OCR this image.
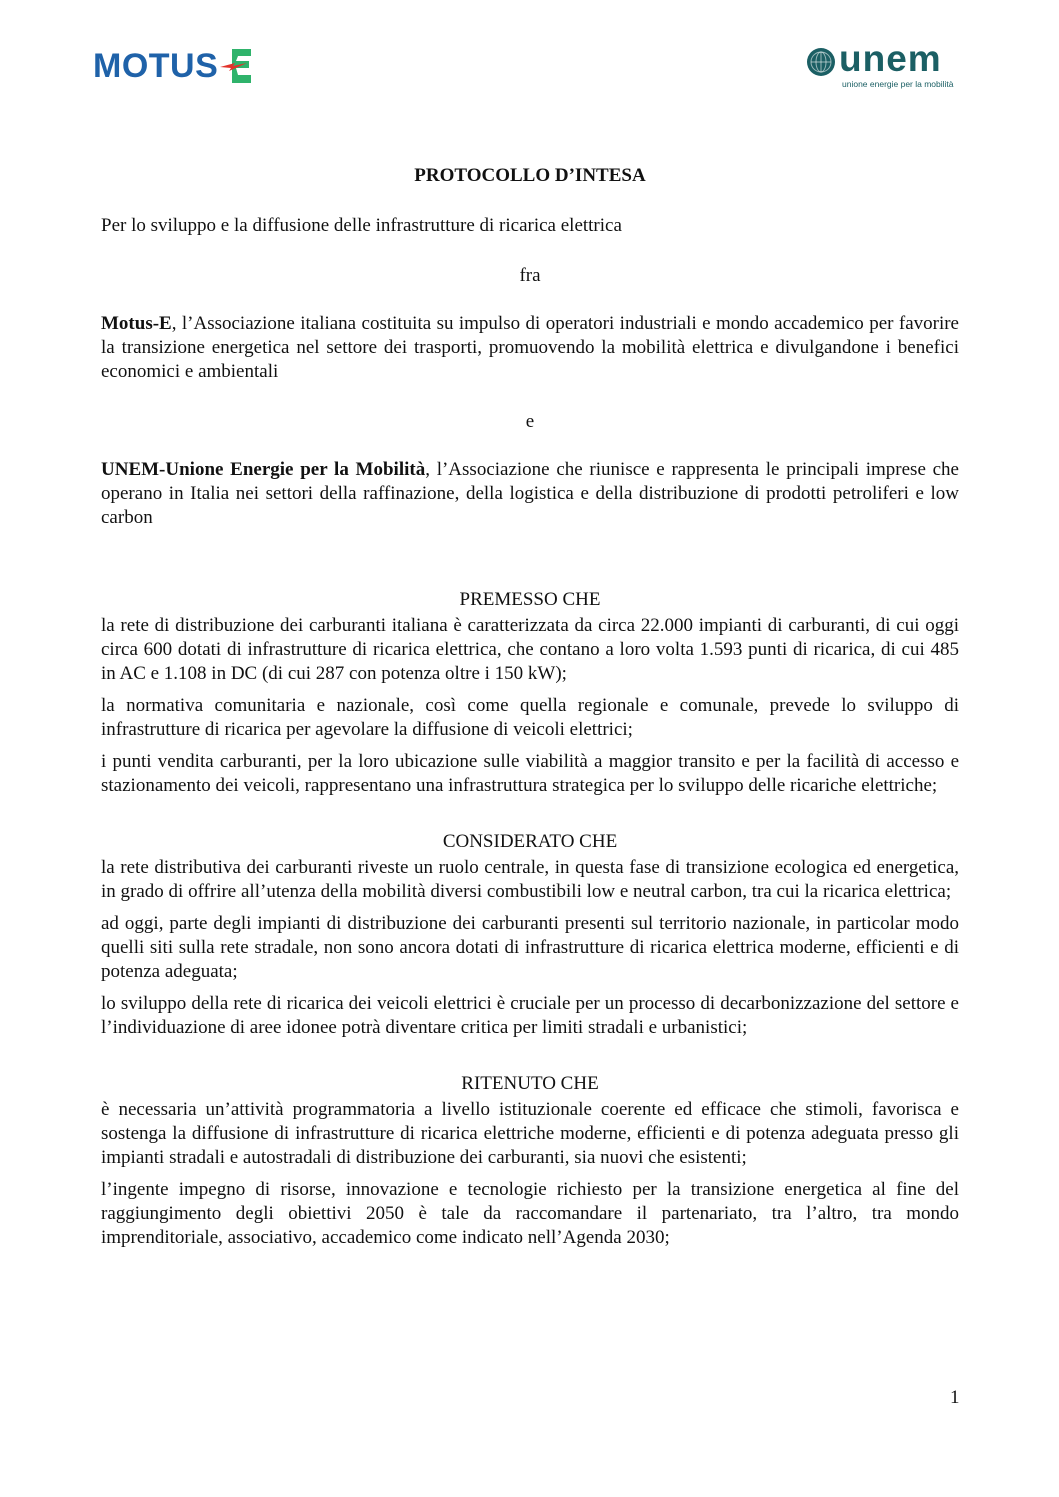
MOTUS	unem
unione energie per la mobilità

PROTOCOLLO D’INTESA

Per lo sviluppo e la diffusione delle infrastrutture di ricarica elettrica

fra

Motus-E, l’Associazione italiana costituita su impulso di operatori industriali e mondo accademico per favorire la transizione energetica nel settore dei trasporti, promuovendo la mobilità elettrica e divulgandone i benefici economici e ambientali

e

UNEM-Unione Energie per la Mobilità, l’Associazione che riunisce e rappresenta le principali imprese che operano in Italia nei settori della raffinazione, della logistica e della distribuzione di prodotti petroliferi e low carbon

PREMESSO CHE

la rete di distribuzione dei carburanti italiana è caratterizzata da circa 22.000 impianti di carburanti, di cui oggi circa 600 dotati di infrastrutture di ricarica elettrica, che contano a loro volta 1.593 punti di ricarica, di cui 485 in AC e 1.108 in DC (di cui 287 con potenza oltre i 150 kW);

la normativa comunitaria e nazionale, così come quella regionale e comunale, prevede lo sviluppo di infrastrutture di ricarica per agevolare la diffusione di veicoli elettrici;

i punti vendita carburanti, per la loro ubicazione sulle viabilità a maggior transito e per la facilità di accesso e stazionamento dei veicoli, rappresentano una infrastruttura strategica per lo sviluppo delle ricariche elettriche;

CONSIDERATO CHE

la rete distributiva dei carburanti riveste un ruolo centrale, in questa fase di transizione ecologica ed energetica, in grado di offrire all’utenza della mobilità diversi combustibili low e neutral carbon, tra cui la ricarica elettrica;

ad oggi, parte degli impianti di distribuzione dei carburanti presenti sul territorio nazionale, in particolar modo quelli siti sulla rete stradale, non sono ancora dotati di infrastrutture di ricarica elettrica moderne, efficienti e di potenza adeguata;

lo sviluppo della rete di ricarica dei veicoli elettrici è cruciale per un processo di decarbonizzazione del settore e l’individuazione di aree idonee potrà diventare critica per limiti stradali e urbanistici;

RITENUTO CHE

è necessaria un’attività programmatoria a livello istituzionale coerente ed efficace che stimoli, favorisca e sostenga la diffusione di infrastrutture di ricarica elettriche moderne, efficienti e di potenza adeguata presso gli impianti stradali e autostradali di distribuzione dei carburanti, sia nuovi che esistenti;

l’ingente impegno di risorse, innovazione e tecnologie richiesto per la transizione energetica al fine del raggiungimento degli obiettivi 2050 è tale da raccomandare il partenariato, tra l’altro, tra mondo imprenditoriale, associativo, accademico come indicato nell’Agenda 2030;

1
